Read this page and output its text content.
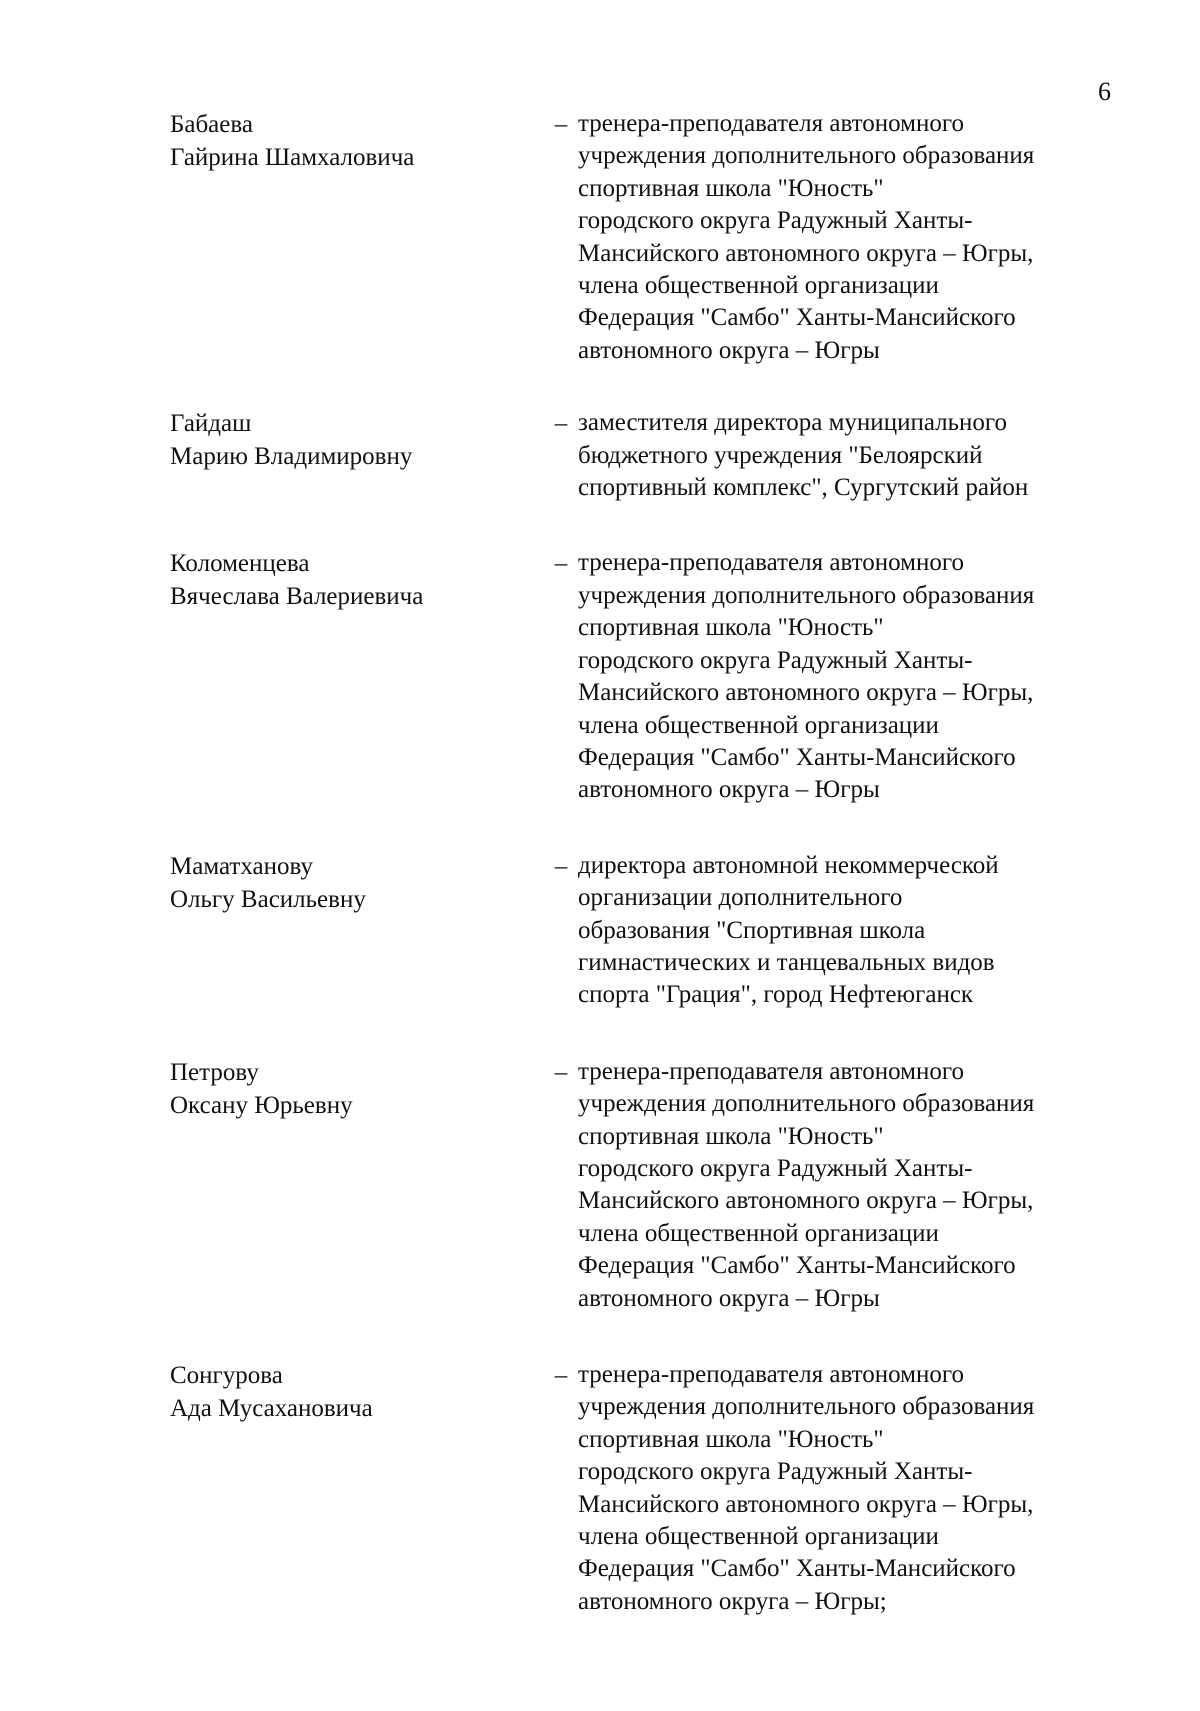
6
Бабаева
Гайрина Шамхаловича
– тренера-преподавателя автономного
учреждения дополнительного образования
спортивная школа "Юность"
городского округа Радужный Ханты-
Мансийского автономного округа – Югры,
члена общественной организации
Федерация "Самбо" Ханты-Мансийского
автономного округа – Югры
Гайдаш
Марию Владимировну
– заместителя директора муниципального
бюджетного учреждения "Белоярский
спортивный комплекс", Сургутский район
Коломенцева
Вячеслава Валериевича
– тренера-преподавателя автономного
учреждения дополнительного образования
спортивная школа "Юность"
городского округа Радужный Ханты-
Мансийского автономного округа – Югры,
члена общественной организации
Федерация "Самбо" Ханты-Мансийского
автономного округа – Югры
Маматханову
Ольгу Васильевну
– директора автономной некоммерческой
организации дополнительного
образования "Спортивная школа
гимнастических и танцевальных видов
спорта "Грация", город Нефтеюганск
Петрову
Оксану Юрьевну
– тренера-преподавателя автономного
учреждения дополнительного образования
спортивная школа "Юность"
городского округа Радужный Ханты-
Мансийского автономного округа – Югры,
члена общественной организации
Федерация "Самбо" Ханты-Мансийского
автономного округа – Югры
Сонгурова
Ада Мусахановича
– тренера-преподавателя автономного
учреждения дополнительного образования
спортивная школа "Юность"
городского округа Радужный Ханты-
Мансийского автономного округа – Югры,
члена общественной организации
Федерация "Самбо" Ханты-Мансийского
автономного округа – Югры;
